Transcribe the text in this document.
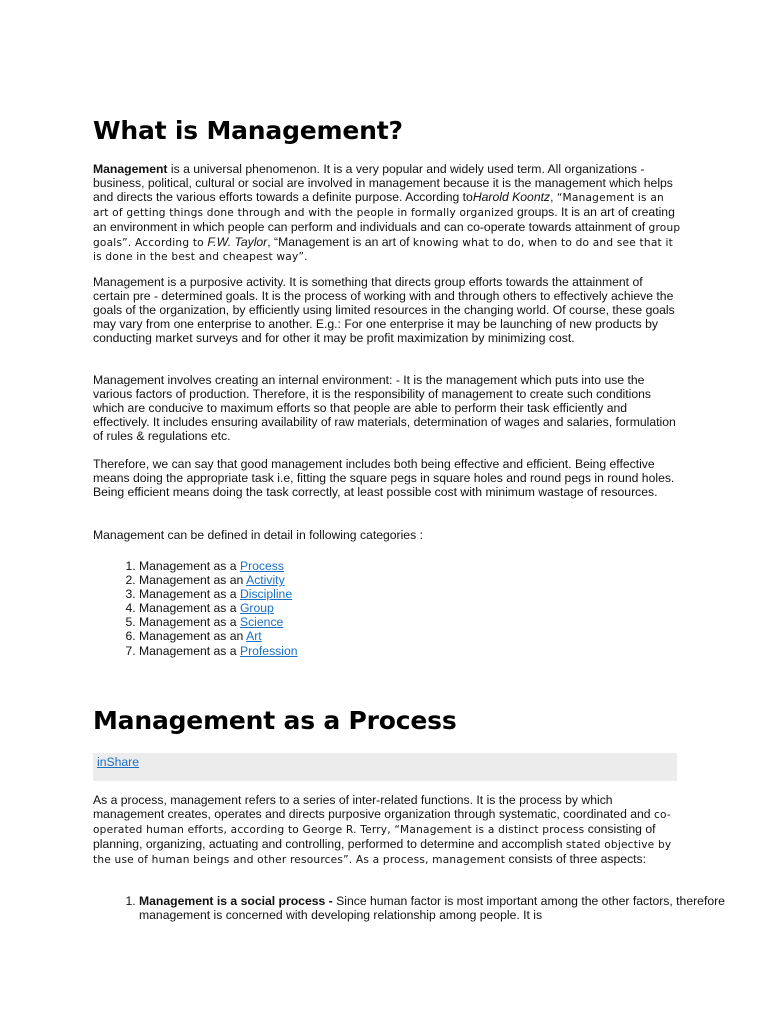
What is Management?

Management is a universal phenomenon. It is a very popular and widely used term. All organizations - business, political, cultural or social are involved in management because it is the management which helps and directs the various efforts towards a definite purpose. According toHarold Koontz, “Management is an art of getting things done through and with the people in formally organized groups. It is an art of creating an environment in which people can perform and individuals and can co-operate towards attainment of group goals”. According to F.W. Taylor, “Management is an art of knowing what to do, when to do and see that it is done in the best and cheapest way”.

Management is a purposive activity. It is something that directs group efforts towards the attainment of certain pre - determined goals. It is the process of working with and through others to effectively achieve the goals of the organization, by efficiently using limited resources in the changing world. Of course, these goals may vary from one enterprise to another. E.g.: For one enterprise it may be launching of new products by conducting market surveys and for other it may be profit maximization by minimizing cost.

Management involves creating an internal environment: - It is the management which puts into use the various factors of production. Therefore, it is the responsibility of management to create such conditions which are conducive to maximum efforts so that people are able to perform their task efficiently and effectively. It includes ensuring availability of raw materials, determination of wages and salaries, formulation of rules & regulations etc.

Therefore, we can say that good management includes both being effective and efficient. Being effective means doing the appropriate task i.e, fitting the square pegs in square holes and round pegs in round holes. Being efficient means doing the task correctly, at least possible cost with minimum wastage of resources.

Management can be defined in detail in following categories :

1. Management as a Process
2. Management as an Activity
3. Management as a Discipline
4. Management as a Group
5. Management as a Science
6. Management as an Art
7. Management as a Profession
Management as a Process
inShare

As a process, management refers to a series of inter-related functions. It is the process by which management creates, operates and directs purposive organization through systematic, coordinated and co-operated human efforts, according to George R. Terry, “Management is a distinct process consisting of planning, organizing, actuating and controlling, performed to determine and accomplish stated objective by the use of human beings and other resources”. As a process, management consists of three aspects:

1. Management is a social process - Since human factor is most important among the other factors, therefore management is concerned with developing relationship among people. It is
